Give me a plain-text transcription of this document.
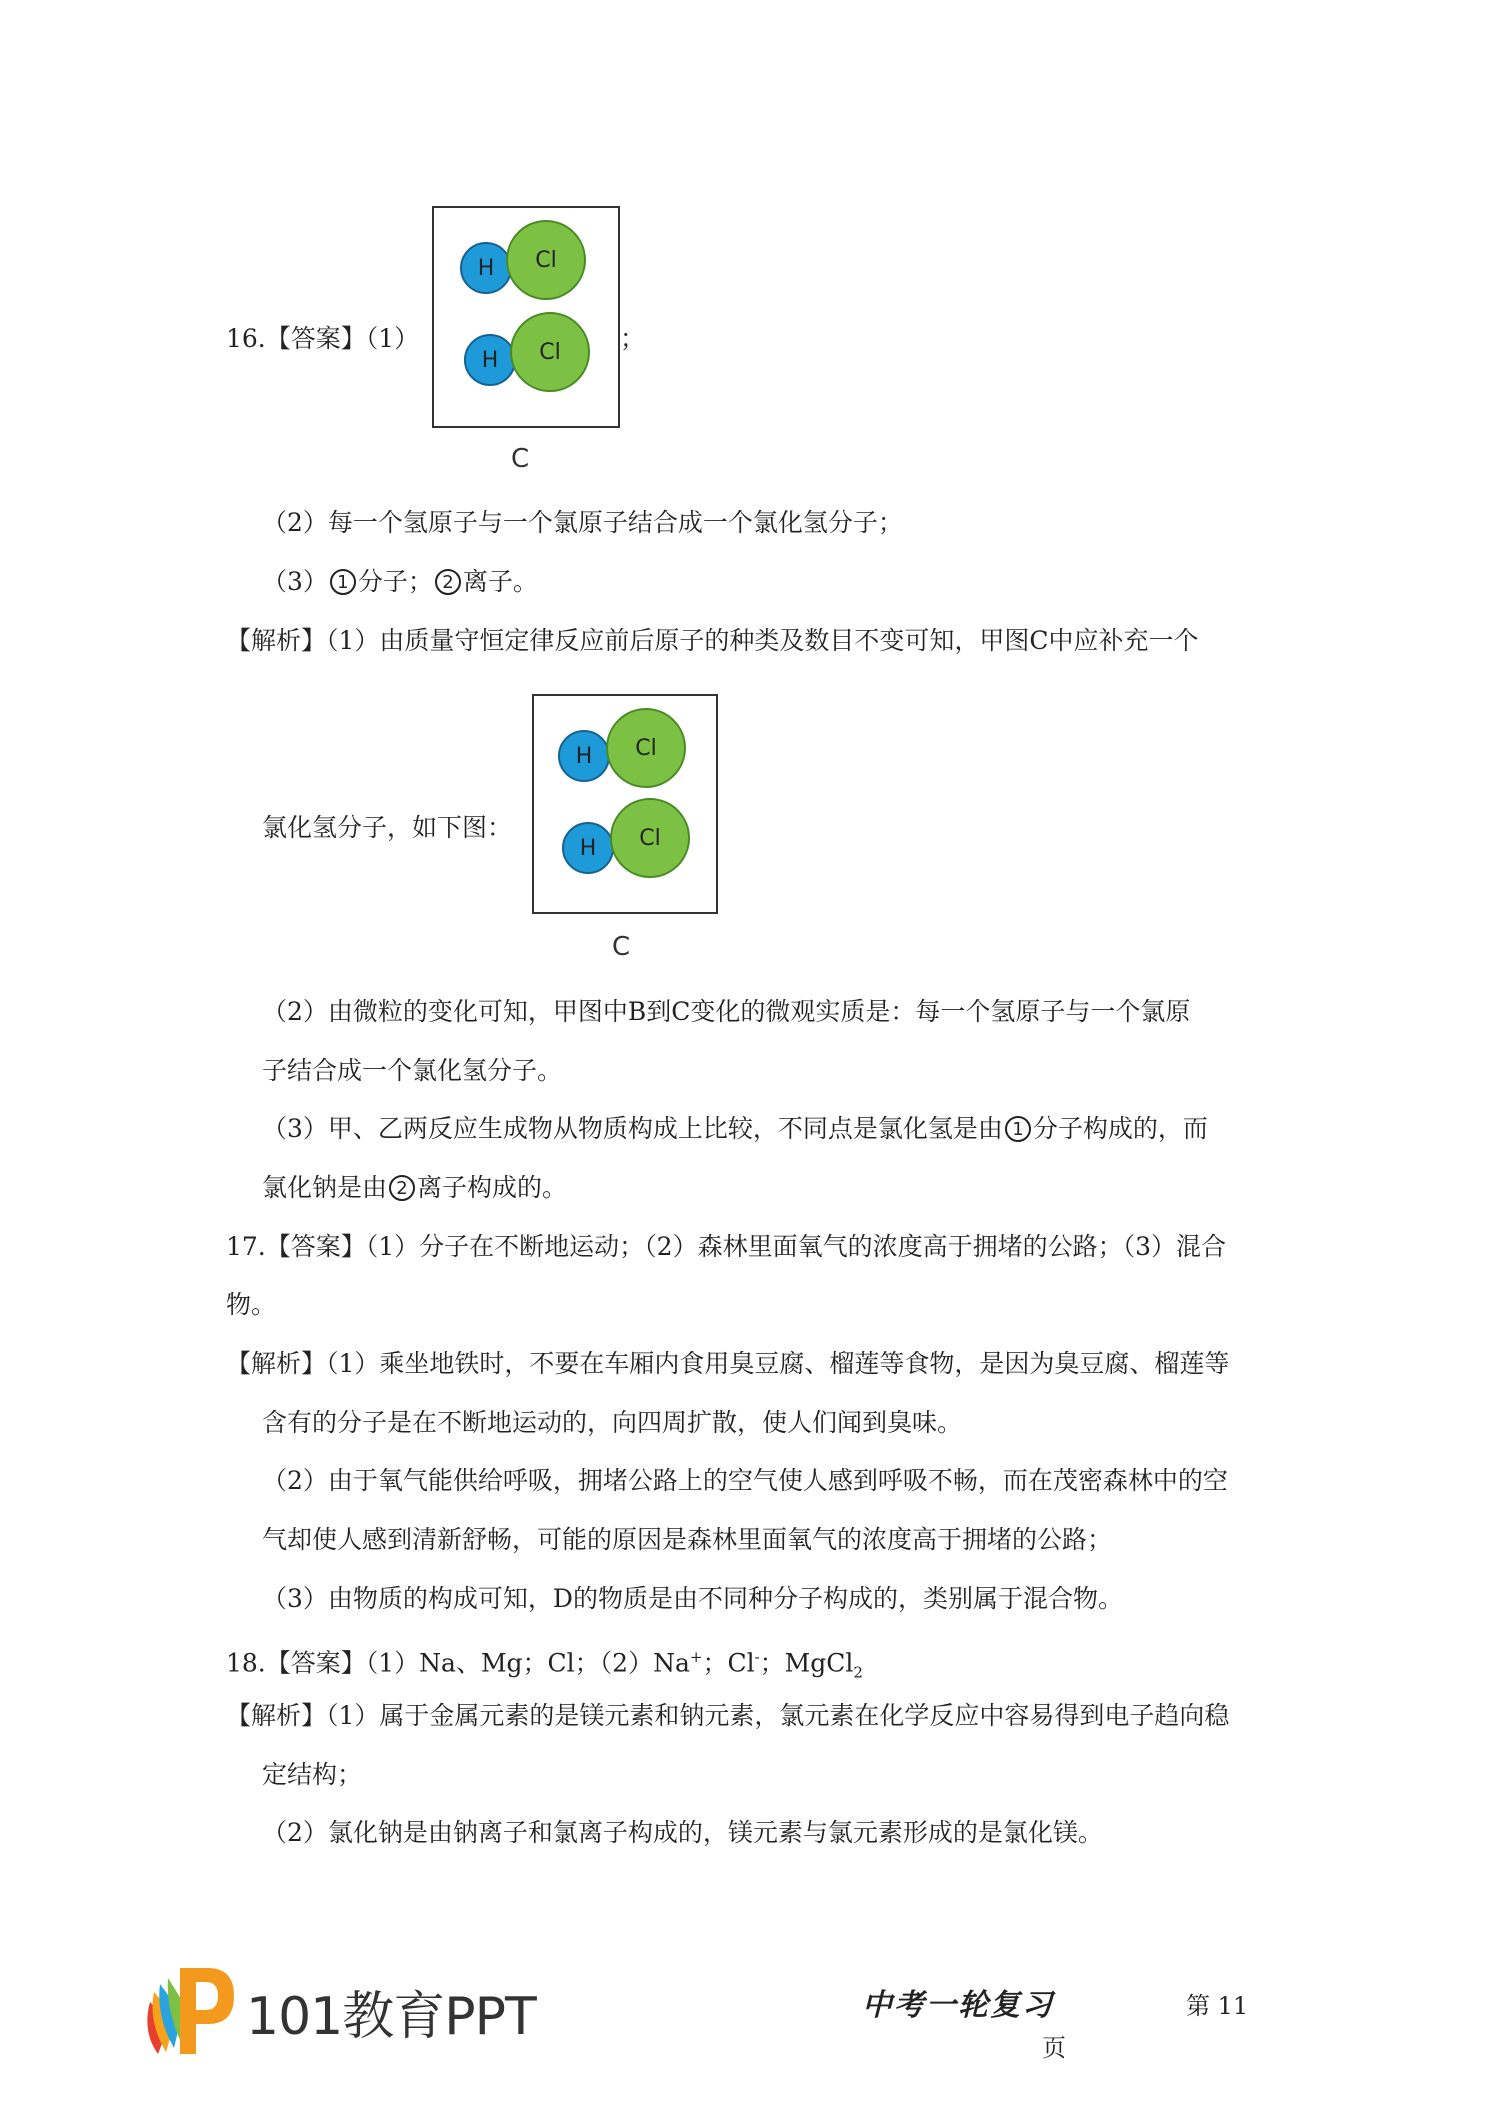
16.【答案】（1）
H	Cl
H	Cl
C
；
（2）每一个氢原子与一个氯原子结合成一个氯化氢分子；
（3） 1 分子； 2 离子。
【解析】（1）由质量守恒定律反应前后原子的种类及数目不变可知，甲图C中应补充一个
氯化氢分子，如下图：
H	Cl
H	Cl
C
（2）由微粒的变化可知，甲图中B到C变化的微观实质是：每一个氢原子与一个氯原
子结合成一个氯化氢分子。
（3）甲、乙两反应生成物从物质构成上比较，不同点是氯化氢是由 1 分子构成的，而
氯化钠是由 2 离子构成的。
17.【答案】（1）分子在不断地运动；（2）森林里面氧气的浓度高于拥堵的公路；（3）混合
物。
【解析】（1）乘坐地铁时，不要在车厢内食用臭豆腐、榴莲等食物，是因为臭豆腐、榴莲等
含有的分子是在不断地运动的，向四周扩散，使人们闻到臭味。
（2）由于氧气能供给呼吸，拥堵公路上的空气使人感到呼吸不畅，而在茂密森林中的空
气却使人感到清新舒畅，可能的原因是森林里面氧气的浓度高于拥堵的公路；
（3）由物质的构成可知，D的物质是由不同种分子构成的，类别属于混合物。
18.【答案】（1）Na、Mg；Cl；（2）Na+；Cl-；MgCl$_2$
【解析】（1）属于金属元素的是镁元素和钠元素，氯元素在化学反应中容易得到电子趋向稳
定结构；
（2）氯化钠是由钠离子和氯离子构成的，镁元素与氯元素形成的是氯化镁。
101教育PPT	中考一轮复习	第 11
页
